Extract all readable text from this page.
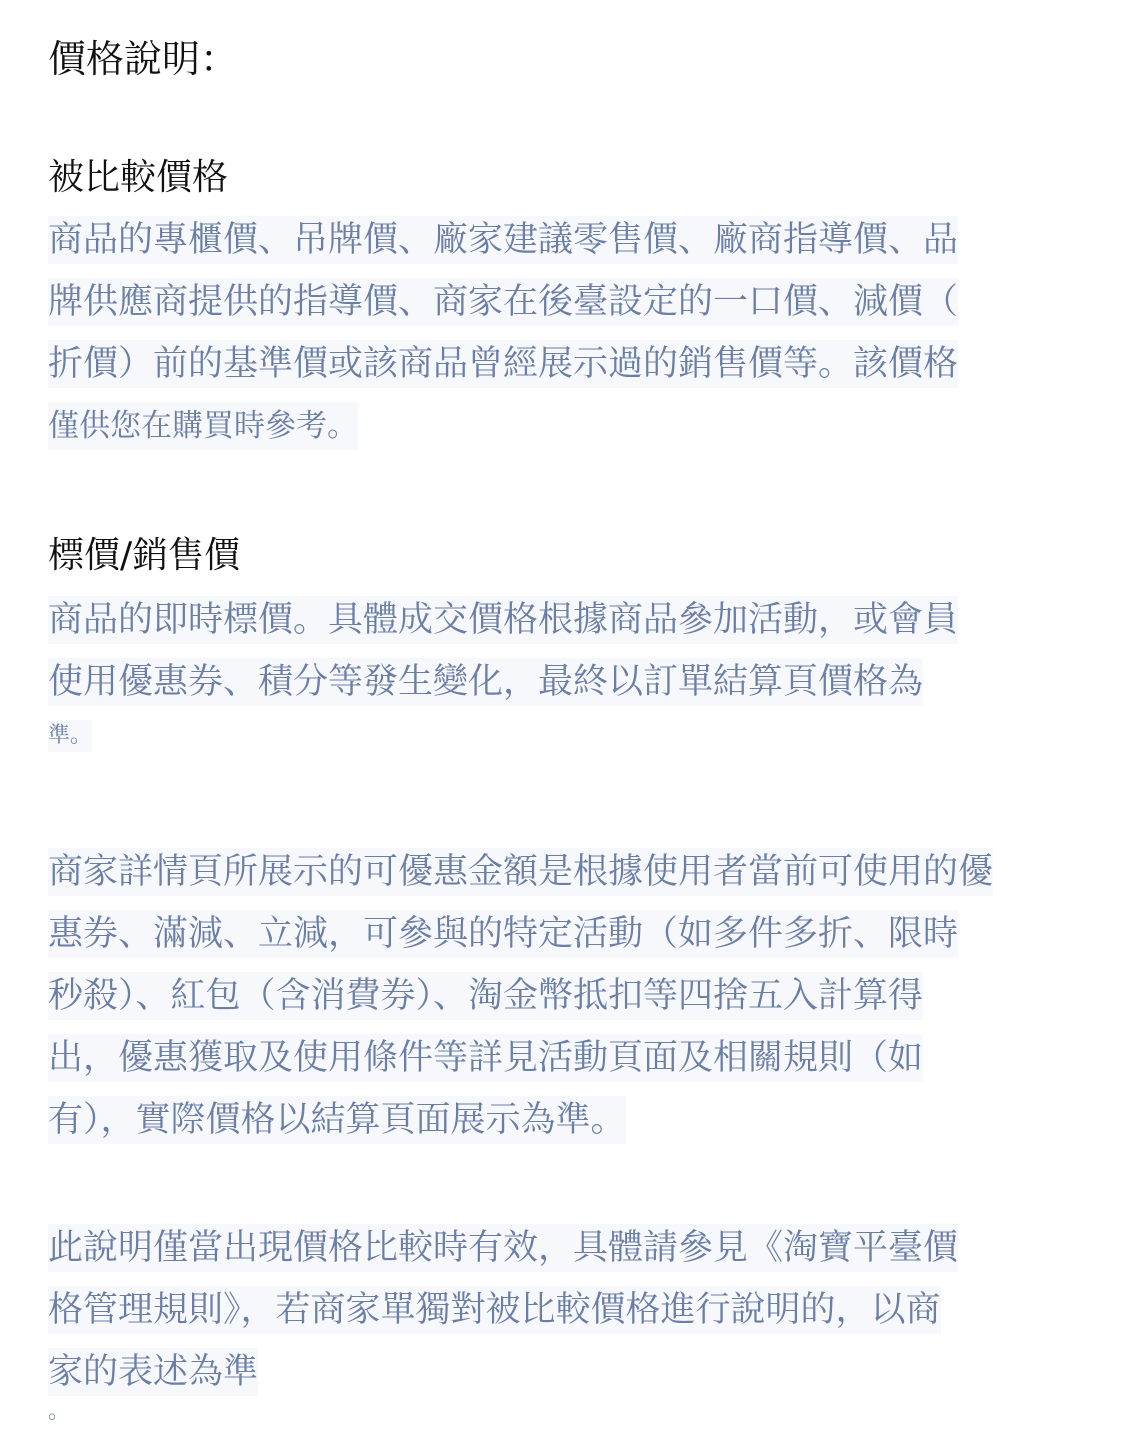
價格說明：
被比較價格
商品的專櫃價、吊牌價、廠家建議零售價、廠商指導價、品
牌供應商提供的指導價、商家在後臺設定的一口價、減價（
折價）前的基準價或該商品曾經展示過的銷售價等。該價格
僅供您在購買時參考。
標價/銷售價
商品的即時標價。具體成交價格根據商品參加活動，或會員
使用優惠券、積分等發生變化，最終以訂單結算頁價格為
準。
商家詳情頁所展示的可優惠金額是根據使用者當前可使用的優
惠券、滿減、立減，可參與的特定活動（如多件多折、限時
秒殺）、紅包（含消費券）、淘金幣抵扣等四捨五入計算得
出，優惠獲取及使用條件等詳見活動頁面及相關規則（如
有），實際價格以結算頁面展示為準。
此說明僅當出現價格比較時有效，具體請參見《淘寶平臺價
格管理規則》，若商家單獨對被比較價格進行說明的，以商
家的表述為準
。
